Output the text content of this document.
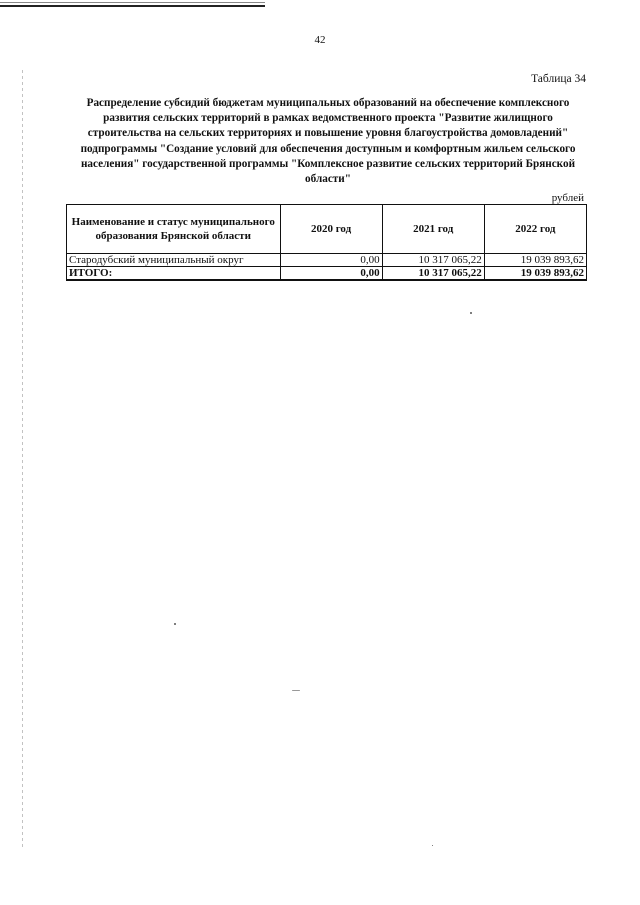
42
Таблица 34
Распределение субсидий бюджетам муниципальных образований на обеспечение комплексного развития сельских территорий в рамках ведомственного проекта "Развитие жилищного строительства на сельских территориях и повышение уровня благоустройства домовладений" подпрограммы "Создание условий для обеспечения доступным и комфортным жильем сельского населения" государственной программы "Комплексное развитие сельских территорий Брянской области"
рублей
Наименование и статус муниципального образования Брянской области	2020 год	2021 год	2022 год
Стародубский муниципальный округ	0,00	10 317 065,22	19 039 893,62
ИТОГО:	0,00	10 317 065,22	19 039 893,62
